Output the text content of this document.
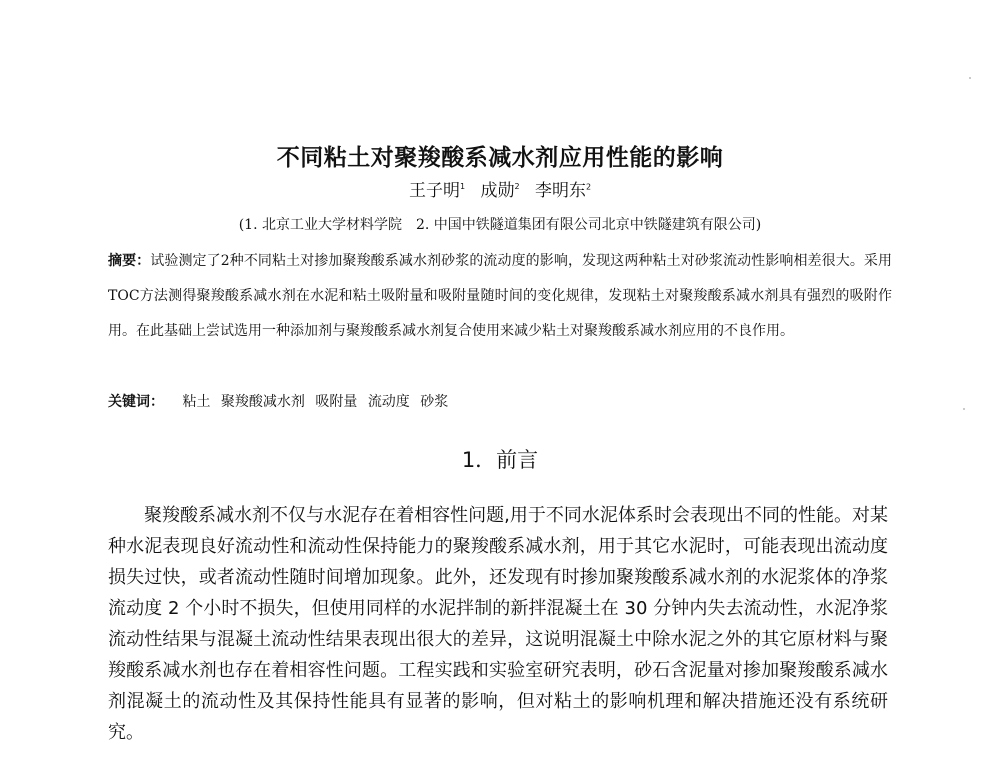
不同粘土对聚羧酸系减水剂应用性能的影响
王子明$^1$ 成勋$^2$ 李明东$^2$
(1. 北京工业大学材料学院　2. 中国中铁隧道集团有限公司北京中铁隧建筑有限公司)
摘要：试验测定了2种不同粘土对掺加聚羧酸系减水剂砂浆的流动度的影响，发现这两种粘土对砂浆流动性影响相差很大。采用TOC方法测得聚羧酸系减水剂在水泥和粘土吸附量和吸附量随时间的变化规律，发现粘土对聚羧酸系减水剂具有强烈的吸附作用。在此基础上尝试选用一种添加剂与聚羧酸系减水剂复合使用来减少粘土对聚羧酸系减水剂应用的不良作用。
关键词： 粘土 聚羧酸减水剂 吸附量 流动度 砂浆
1．前言
聚羧酸系减水剂不仅与水泥存在着相容性问题,用于不同水泥体系时会表现出不同的性能。对某种水泥表现良好流动性和流动性保持能力的聚羧酸系减水剂，用于其它水泥时，可能表现出流动度损失过快，或者流动性随时间增加现象。此外，还发现有时掺加聚羧酸系减水剂的水泥浆体的净浆流动度 2 个小时不损失，但使用同样的水泥拌制的新拌混凝土在 30 分钟内失去流动性，水泥净浆流动性结果与混凝土流动性结果表现出很大的差异，这说明混凝土中除水泥之外的其它原材料与聚羧酸系减水剂也存在着相容性问题。工程实践和实验室研究表明，砂石含泥量对掺加聚羧酸系减水剂混凝土的流动性及其保持性能具有显著的影响，但对粘土的影响机理和解决措施还没有系统研究。
